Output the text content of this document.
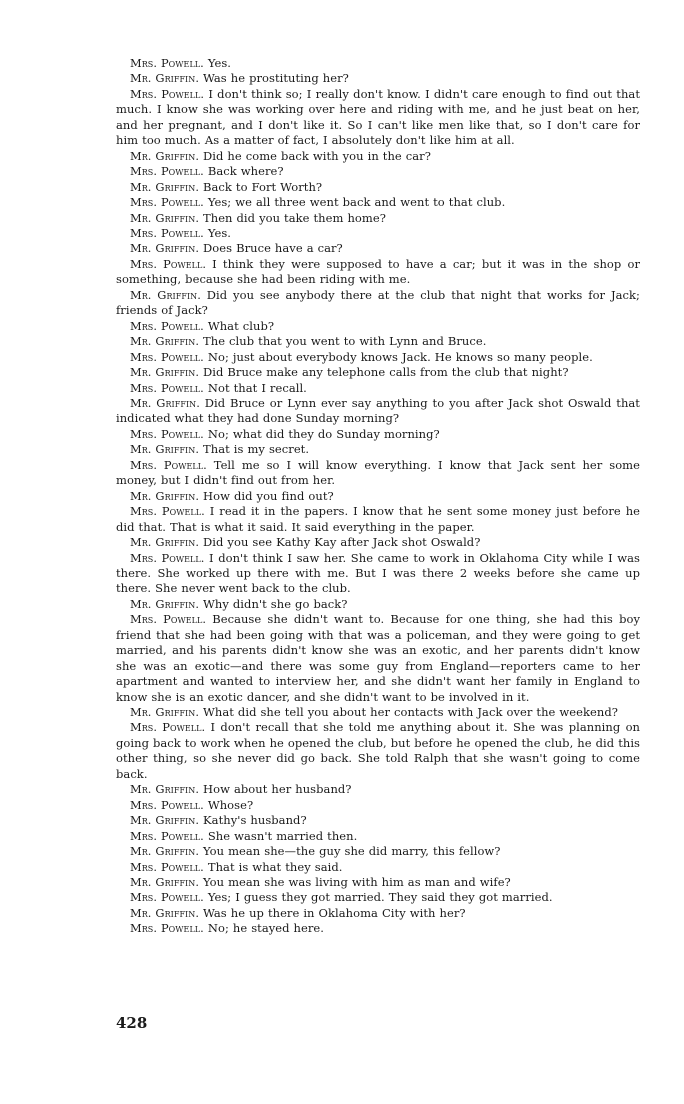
Mrs. Powell. Yes.

Mr. Griffin. Was he prostituting her?

Mrs. Powell. I don't think so; I really don't know. I didn't care enough to find out that much. I know she was working over here and riding with me, and he just beat on her, and her pregnant, and I don't like it. So I can't like men like that, so I don't care for him too much. As a matter of fact, I absolutely don't like him at all.

Mr. Griffin. Did he come back with you in the car?

Mrs. Powell. Back where?

Mr. Griffin. Back to Fort Worth?

Mrs. Powell. Yes; we all three went back and went to that club.

Mr. Griffin. Then did you take them home?

Mrs. Powell. Yes.

Mr. Griffin. Does Bruce have a car?

Mrs. Powell. I think they were supposed to have a car; but it was in the shop or something, because she had been riding with me.

Mr. Griffin. Did you see anybody there at the club that night that works for Jack; friends of Jack?

Mrs. Powell. What club?

Mr. Griffin. The club that you went to with Lynn and Bruce.

Mrs. Powell. No; just about everybody knows Jack. He knows so many people.

Mr. Griffin. Did Bruce make any telephone calls from the club that night?

Mrs. Powell. Not that I recall.

Mr. Griffin. Did Bruce or Lynn ever say anything to you after Jack shot Oswald that indicated what they had done Sunday morning?

Mrs. Powell. No; what did they do Sunday morning?

Mr. Griffin. That is my secret.

Mrs. Powell. Tell me so I will know everything. I know that Jack sent her some money, but I didn't find out from her.

Mr. Griffin. How did you find out?

Mrs. Powell. I read it in the papers. I know that he sent some money just before he did that. That is what it said. It said everything in the paper.

Mr. Griffin. Did you see Kathy Kay after Jack shot Oswald?

Mrs. Powell. I don't think I saw her. She came to work in Oklahoma City while I was there. She worked up there with me. But I was there 2 weeks before she came up there. She never went back to the club.

Mr. Griffin. Why didn't she go back?

Mrs. Powell. Because she didn't want to. Because for one thing, she had this boy friend that she had been going with that was a policeman, and they were going to get married, and his parents didn't know she was an exotic, and her parents didn't know she was an exotic—and there was some guy from England—reporters came to her apartment and wanted to interview her, and she didn't want her family in England to know she is an exotic dancer, and she didn't want to be involved in it.

Mr. Griffin. What did she tell you about her contacts with Jack over the weekend?

Mrs. Powell. I don't recall that she told me anything about it. She was planning on going back to work when he opened the club, but before he opened the club, he did this other thing, so she never did go back. She told Ralph that she wasn't going to come back.

Mr. Griffin. How about her husband?

Mrs. Powell. Whose?

Mr. Griffin. Kathy's husband?

Mrs. Powell. She wasn't married then.

Mr. Griffin. You mean she—the guy she did marry, this fellow?

Mrs. Powell. That is what they said.

Mr. Griffin. You mean she was living with him as man and wife?

Mrs. Powell. Yes; I guess they got married. They said they got married.

Mr. Griffin. Was he up there in Oklahoma City with her?

Mrs. Powell. No; he stayed here.

428
